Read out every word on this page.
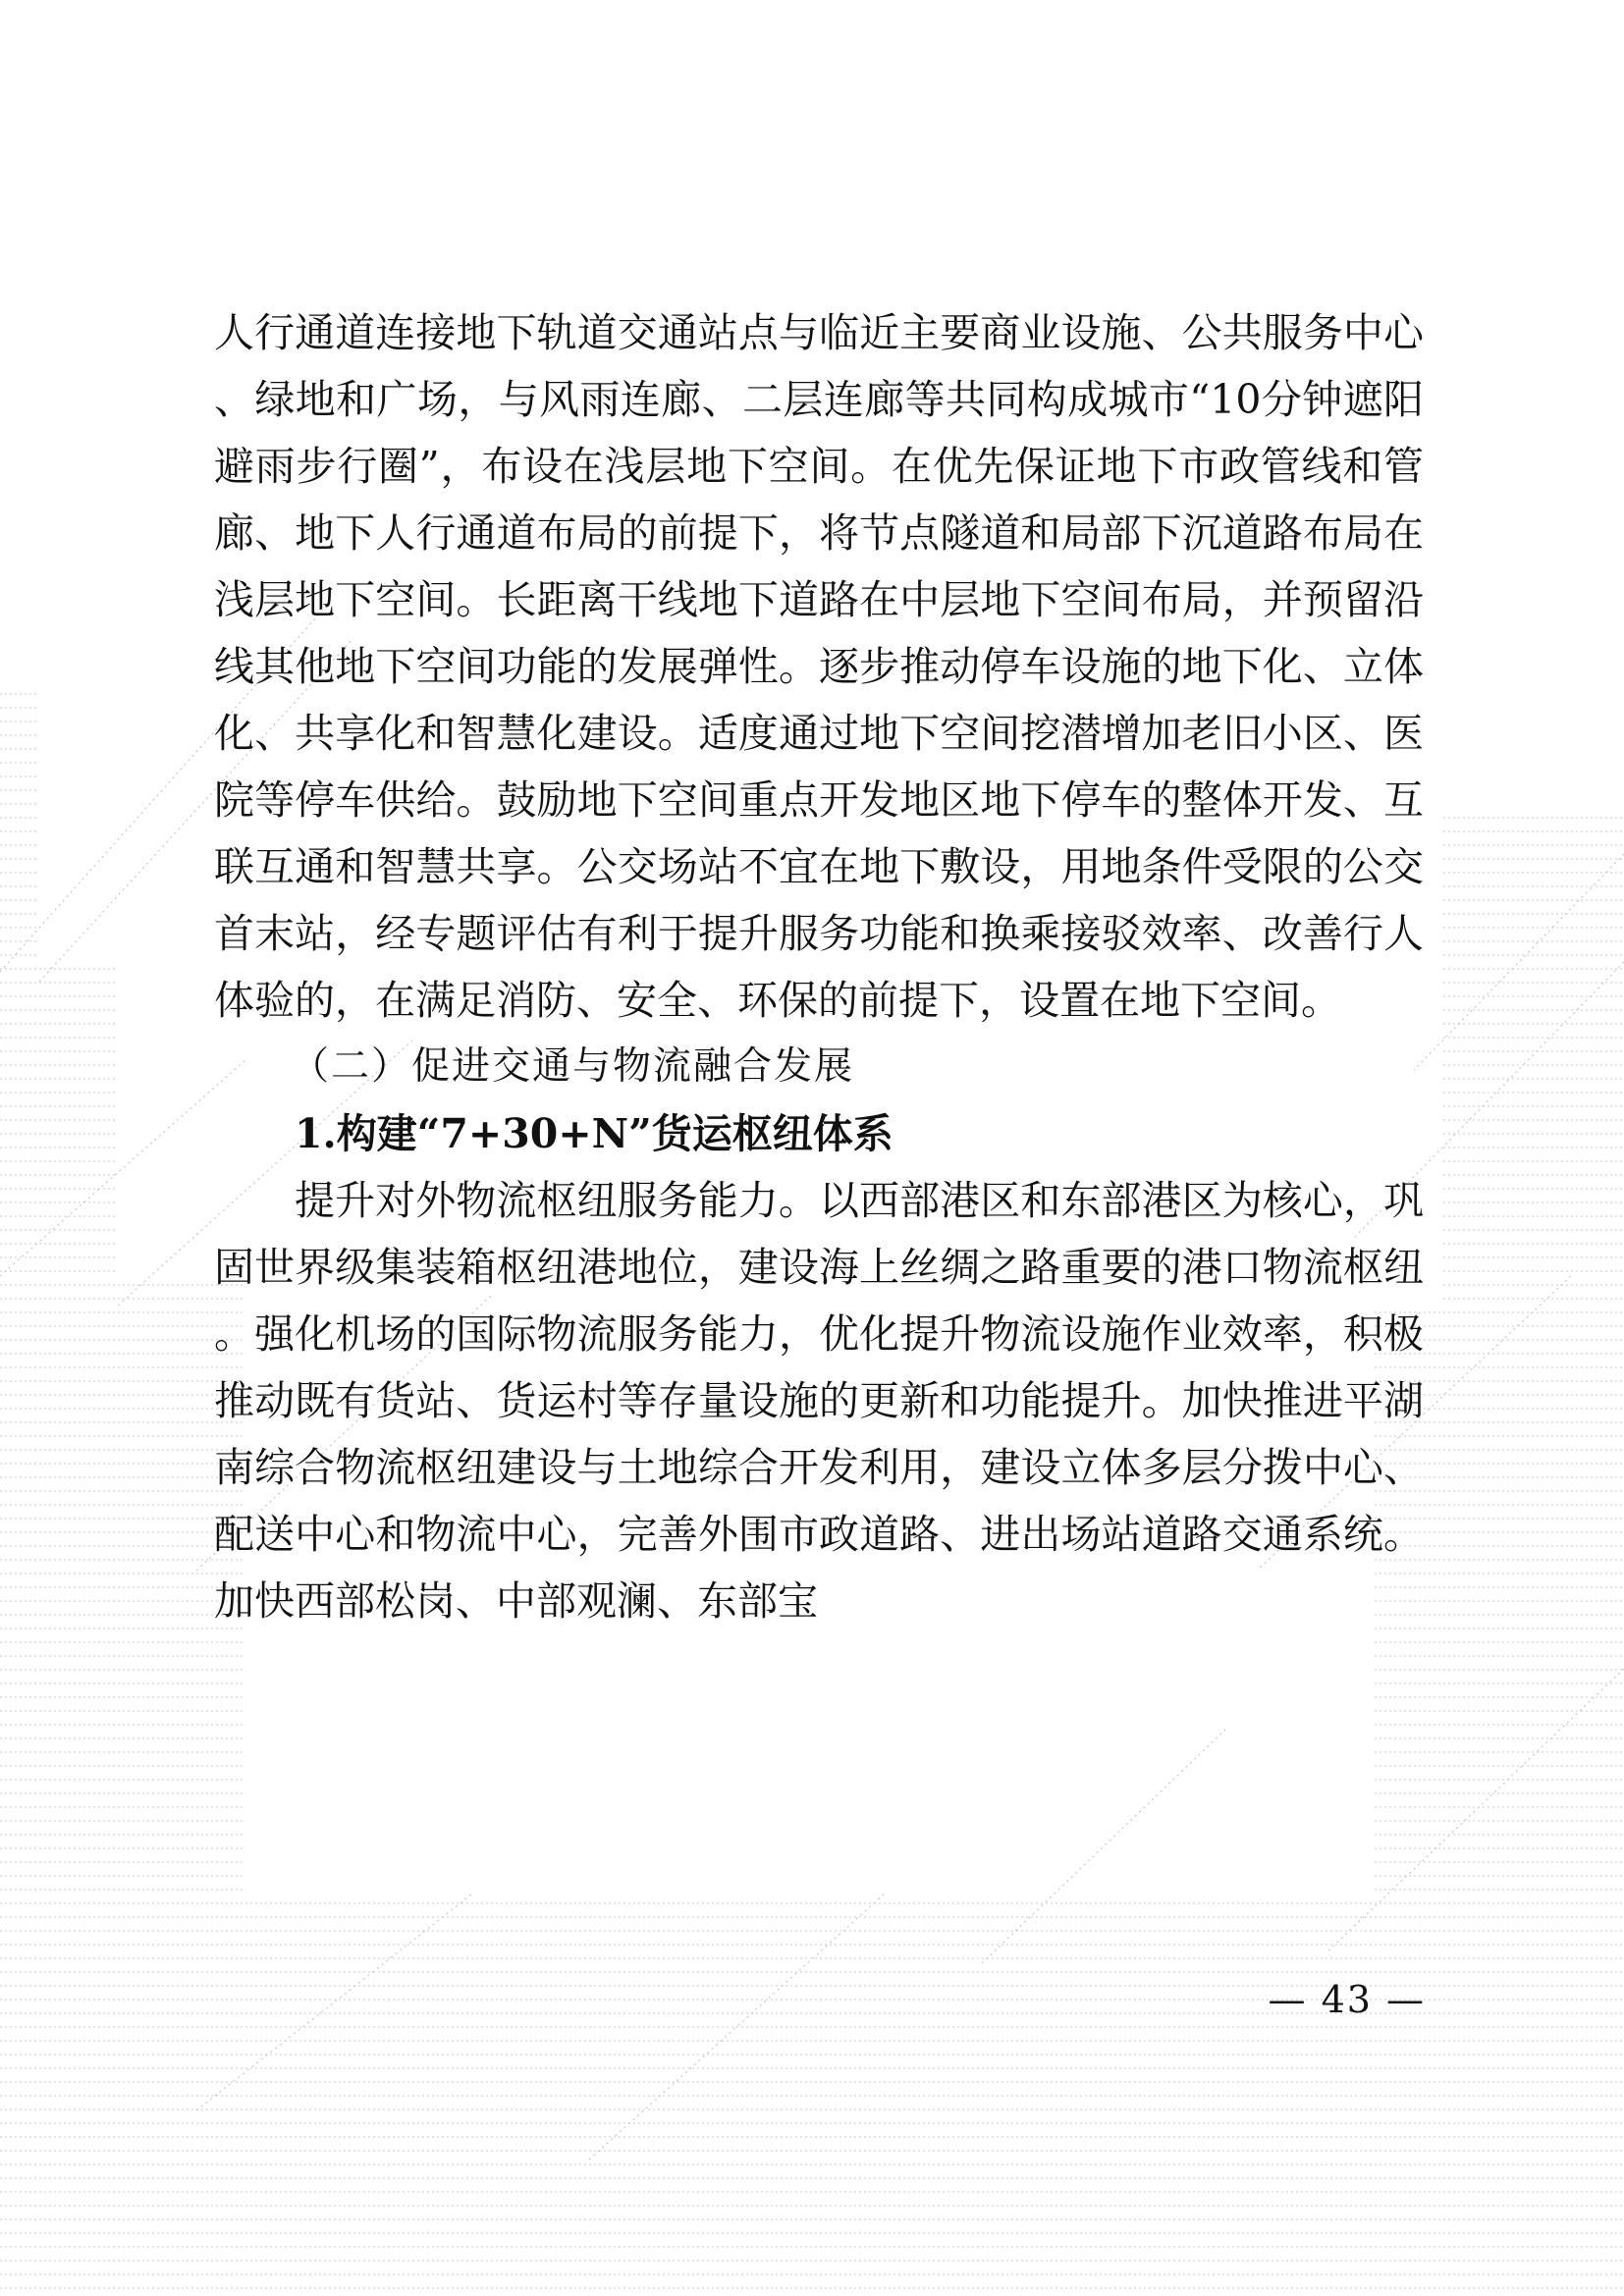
人行通道连接地下轨道交通站点与临近主要商业设施、公共服务中心、绿地和广场，与风雨连廊、二层连廊等共同构成城市“10分钟遮阳避雨步行圈”，布设在浅层地下空间。在优先保证地下市政管线和管廊、地下人行通道布局的前提下，将节点隧道和局部下沉道路布局在浅层地下空间。长距离干线地下道路在中层地下空间布局，并预留沿线其他地下空间功能的发展弹性。逐步推动停车设施的地下化、立体化、共享化和智慧化建设。适度通过地下空间挖潜增加老旧小区、医院等停车供给。鼓励地下空间重点开发地区地下停车的整体开发、互联互通和智慧共享。公交场站不宜在地下敷设，用地条件受限的公交首末站，经专题评估有利于提升服务功能和换乘接驳效率、改善行人体验的，在满足消防、安全、环保的前提下，设置在地下空间。

（二）促进交通与物流融合发展

1.构建“7+30+N”货运枢纽体系

提升对外物流枢纽服务能力。以西部港区和东部港区为核心，巩固世界级集装箱枢纽港地位，建设海上丝绸之路重要的港口物流枢纽。强化机场的国际物流服务能力，优化提升物流设施作业效率，积极推动既有货站、货运村等存量设施的更新和功能提升。加快推进平湖南综合物流枢纽建设与土地综合开发利用，建设立体多层分拨中心、配送中心和物流中心，完善外围市政道路、进出场站道路交通系统。加快西部松岗、中部观澜、东部宝

— 43 —
